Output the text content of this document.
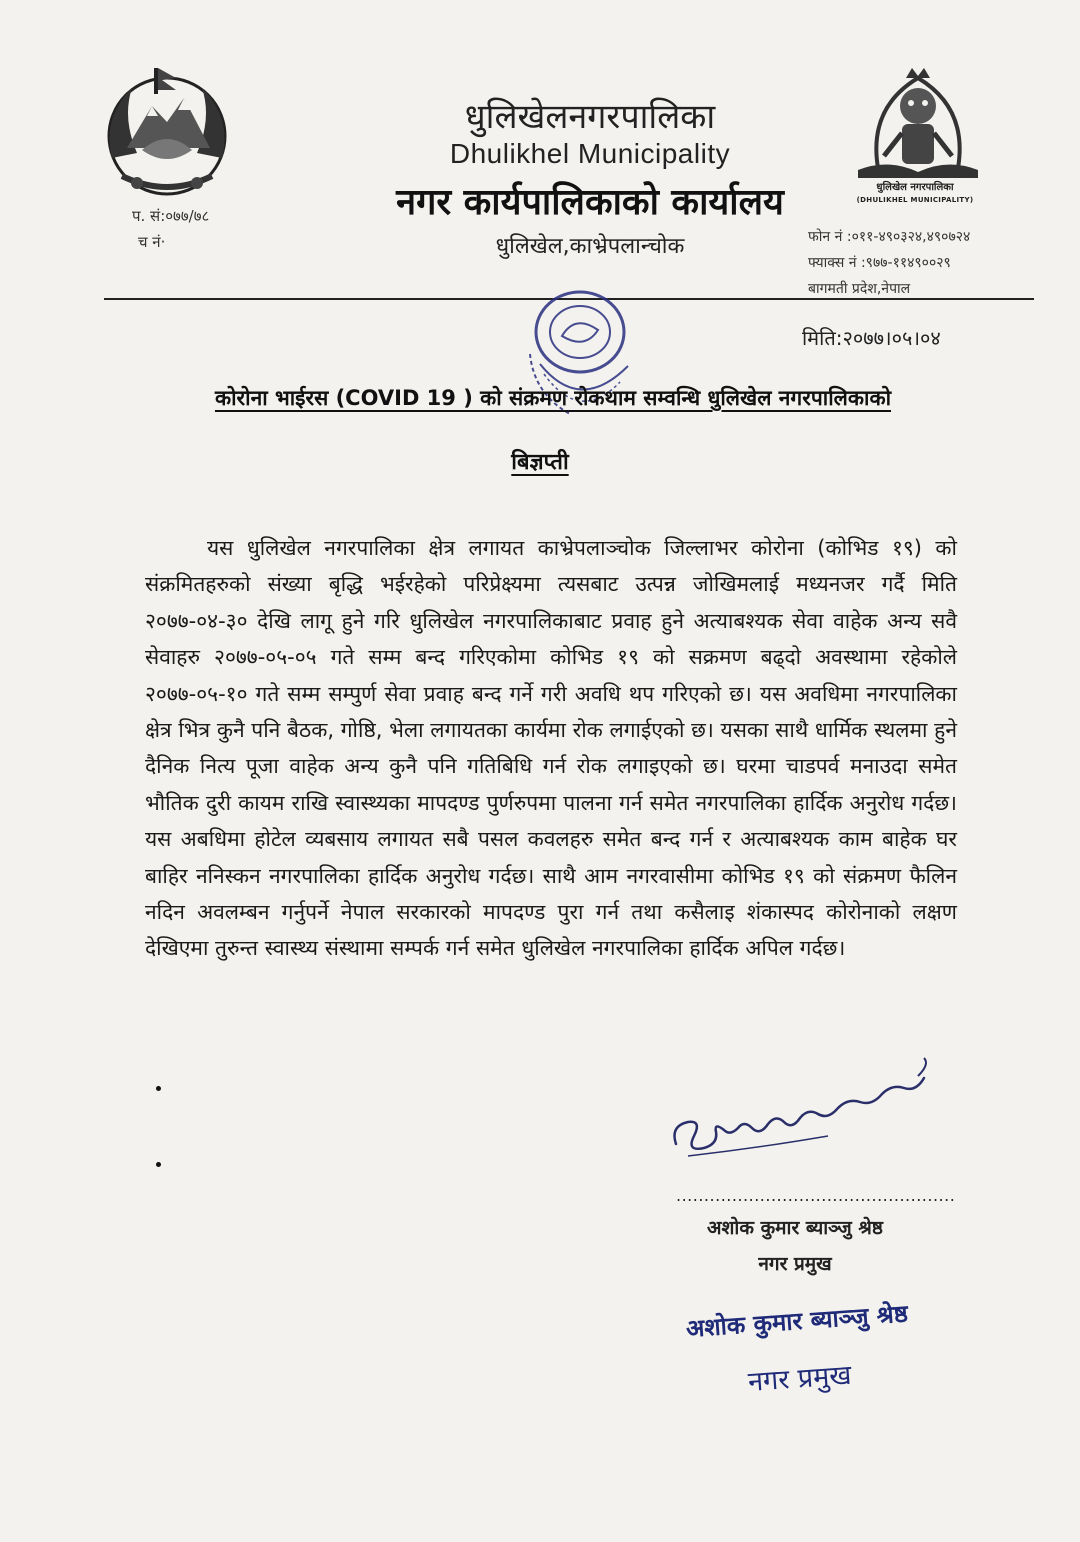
प. सं:०७७/७८
च नं·
धुलिखेलनगरपालिका
Dhulikhel Municipality
नगर कार्यपालिकाको कार्यालय
धुलिखेल,काभ्रेपलान्चोक
धुलिखेल नगरपालिका
(DHULIKHEL MUNICIPALITY)
फोन नं :०११-४९०३२४,४९०७२४
फ्याक्स नं :९७७-११४९००२९
बागमती प्रदेश,नेपाल
मिति:२०७७।०५।०४
कोरोना भाईरस (COVID 19 ) को संक्रमण रोकथाम सम्वन्धि धुलिखेल नगरपालिकाको
बिज्ञप्ती

यस धुलिखेल नगरपालिका क्षेत्र लगायत काभ्रेपलाञ्चोक जिल्लाभर कोरोना (कोभिड १९) को संक्रमितहरुको संख्या बृद्धि भईरहेको परिप्रेक्ष्यमा त्यसबाट उत्पन्न जोखिमलाई मध्यनजर गर्दै मिति २०७७-०४-३० देखि लागू हुने गरि धुलिखेल नगरपालिकाबाट प्रवाह हुने अत्याबश्यक सेवा वाहेक अन्य सवै सेवाहरु २०७७-०५-०५ गते सम्म बन्द गरिएकोमा कोभिड १९ को सक्रमण बढ्दो अवस्थामा रहेकोले २०७७-०५-१० गते सम्म सम्पुर्ण सेवा प्रवाह बन्द गर्ने गरी अवधि थप गरिएको छ। यस अवधिमा नगरपालिका क्षेत्र भित्र कुनै पनि बैठक, गोष्ठि, भेला लगायतका कार्यमा रोक लगाईएको छ। यसका साथै धार्मिक स्थलमा हुने दैनिक नित्य पूजा वाहेक अन्य कुनै पनि गतिबिधि गर्न रोक लगाइएको छ। घरमा चाडपर्व मनाउदा समेत भौतिक दुरी कायम राखि स्वास्थ्यका मापदण्ड पुर्णरुपमा पालना गर्न समेत नगरपालिका हार्दिक अनुरोध गर्दछ। यस अबधिमा होटेल व्यबसाय लगायत सबै पसल कवलहरु समेत बन्द गर्न र अत्याबश्यक काम बाहेक घर बाहिर ननिस्कन नगरपालिका हार्दिक अनुरोध गर्दछ। साथै आम नगरवासीमा कोभिड १९ को संक्रमण फैलिन नदिन अवलम्बन गर्नुपर्ने नेपाल सरकारको मापदण्ड पुरा गर्न तथा कसैलाइ शंकास्पद कोरोनाको लक्षण देखिएमा तुरुन्त स्वास्थ्य संस्थामा सम्पर्क गर्न समेत धुलिखेल नगरपालिका हार्दिक अपिल गर्दछ।

..................................................
अशोक कुमार ब्याञ्जु श्रेष्ठ
नगर प्रमुख
अशोक कुमार ब्याञ्जु श्रेष्ठ
नगर प्रमुख
